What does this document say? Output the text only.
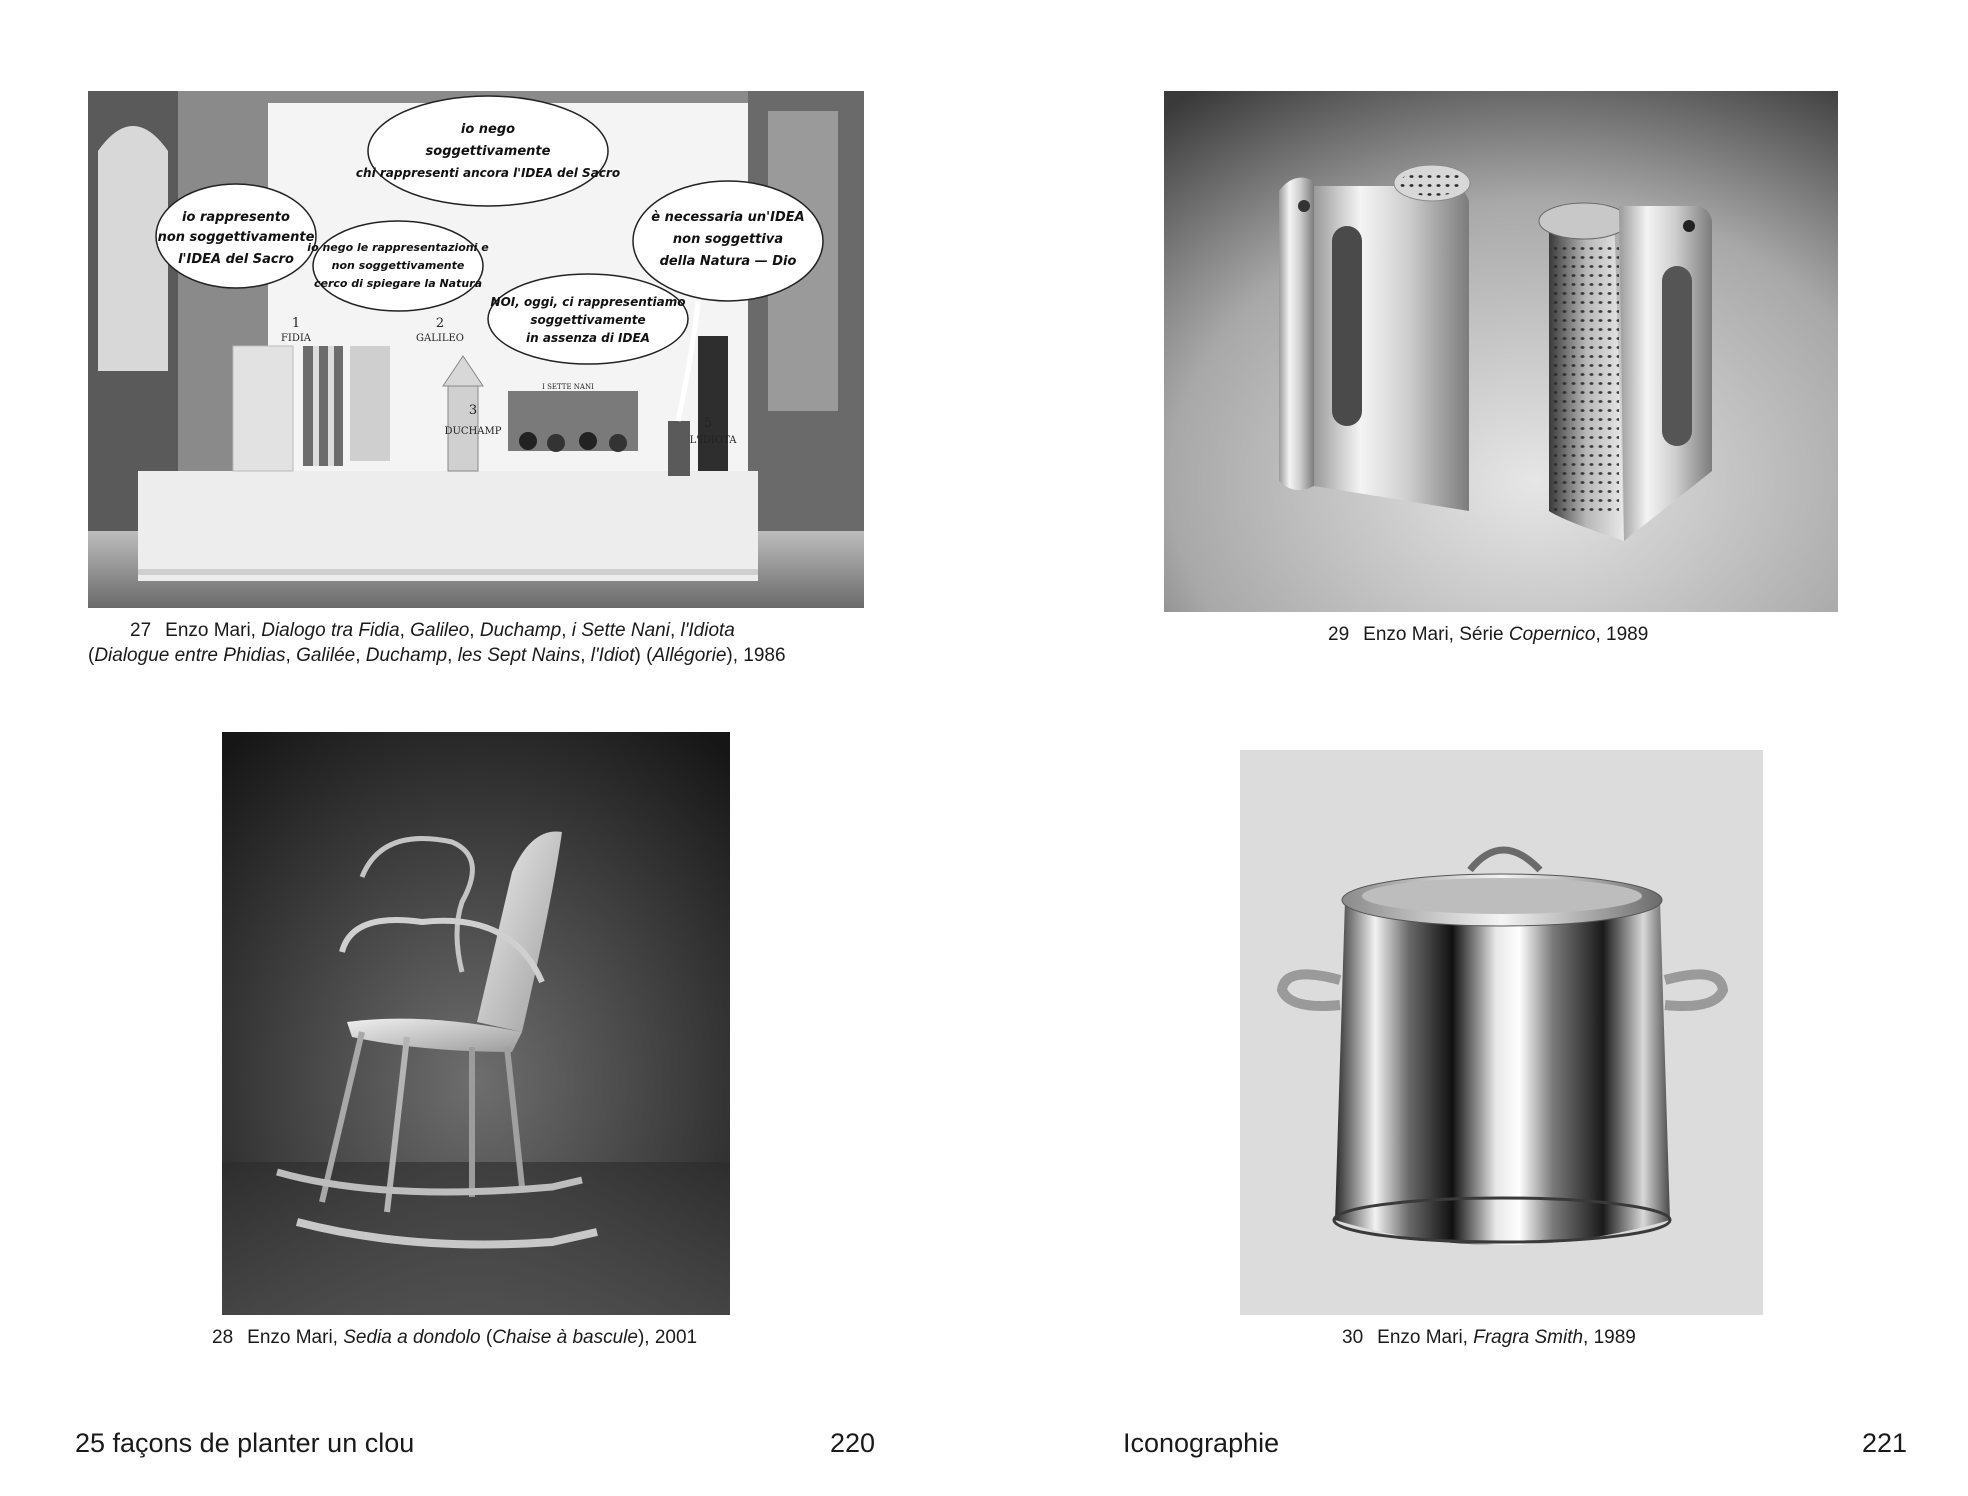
io rappresento
non soggettivamente
l'IDEA del Sacro
io nego
soggettivamente
chi rappresenti ancora l'IDEA del Sacro
io nego le rappresentazioni e
non soggettivamente
cerco di spiegare la Natura
è necessaria un'IDEA
non soggettiva
della Natura — Dio
NOI, oggi, ci rappresentiamo
soggettivamente
in assenza di IDEA
1
FIDIA
2
GALILEO
3
DUCHAMP
I SETTE NANI
5
L'IDIOTA
27 Enzo Mari, Dialogo tra Fidia, Galileo, Duchamp, i Sette Nani, l'Idiota
(Dialogue entre Phidias, Galilée, Duchamp, les Sept Nains, l'Idiot) (Allégorie), 1986
29 Enzo Mari, Série Copernico, 1989
28 Enzo Mari, Sedia a dondolo (Chaise à bascule), 2001	30 Enzo Mari, Fragra Smith, 1989
25 façons de planter un clou	220	Iconographie	221
